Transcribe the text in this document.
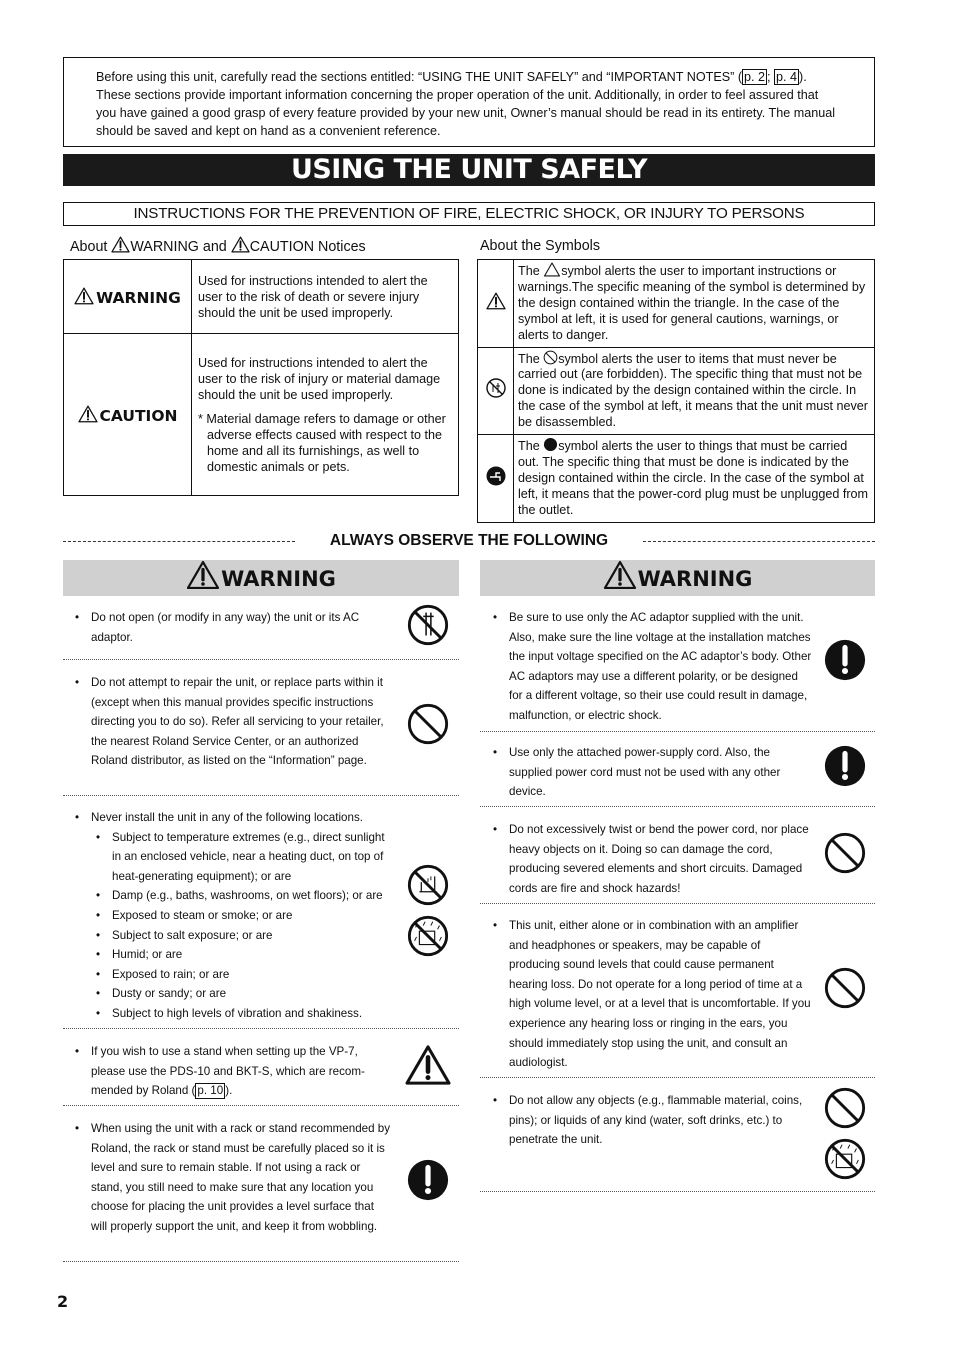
Before using this unit, carefully read the sections entitled: “USING THE UNIT SAFELY” and “IMPORTANT NOTES” ( p. 2 ; p. 4 ). These sections provide important information concerning the proper operation of the unit. Additionally, in order to feel assured that you have gained a good grasp of every feature provided by your new unit, Owner’s manual should be read in its entirety. The manual should be saved and kept on hand as a convenient reference.
USING THE UNIT SAFELY
INSTRUCTIONS FOR THE PREVENTION OF FIRE, ELECTRIC SHOCK, OR INJURY TO PERSONS
About WARNING and CAUTION Notices
WARNING	Used for instructions intended to alert the user to the risk of death or severe injury should the unit be used improperly.
CAUTION	Used for instructions intended to alert the user to the risk of injury or material damage should the unit be used improperly.
* Material damage refers to damage or other adverse effects caused with respect to the home and all its furnishings, as well to domestic animals or pets.
About the Symbols
	The symbol alerts the user to important instructions or warnings.The specific meaning of the symbol is determined by the design contained within the triangle. In the case of the symbol at left, it is used for general cautions, warnings, or alerts to danger.
	The symbol alerts the user to items that must never be carried out (are forbidden). The specific thing that must not be done is indicated by the design contained within the circle. In the case of the symbol at left, it means that the unit must never be disassembled.
	The symbol alerts the user to things that must be carried out. The specific thing that must be done is indicated by the design contained within the circle. In the case of the symbol at left, it means that the power-cord plug must be unplugged from the outlet.
ALWAYS OBSERVE THE FOLLOWING
WARNING	WARNING
• Do not open (or modify in any way) the unit or its AC adaptor.
• Do not attempt to repair the unit, or replace parts within it (except when this manual provides specific instructions directing you to do so). Refer all servicing to your retailer, the nearest Roland Service Center, or an authorized Roland distributor, as listed on the “Information” page.
• Never install the unit in any of the following locations.
• Subject to temperature extremes (e.g., direct sunlight in an enclosed vehicle, near a heating duct, on top of heat-generating equipment); or are
• Damp (e.g., baths, washrooms, on wet floors); or are
• Exposed to steam or smoke; or are
• Subject to salt exposure; or are
• Humid; or are
• Exposed to rain; or are
• Dusty or sandy; or are
• Subject to high levels of vibration and shakiness.
• If you wish to use a stand when setting up the VP-7, please use the PDS-10 and BKT-S, which are recom-mended by Roland ( p. 10 ).
• When using the unit with a rack or stand recommended by Roland, the rack or stand must be carefully placed so it is level and sure to remain stable. If not using a rack or stand, you still need to make sure that any location you choose for placing the unit provides a level surface that will properly support the unit, and keep it from wobbling.
• Be sure to use only the AC adaptor supplied with the unit. Also, make sure the line voltage at the installation matches the input voltage specified on the AC adaptor’s body. Other AC adaptors may use a different polarity, or be designed for a different voltage, so their use could result in damage, malfunction, or electric shock.
• Use only the attached power-supply cord. Also, the supplied power cord must not be used with any other device.
• Do not excessively twist or bend the power cord, nor place heavy objects on it. Doing so can damage the cord, producing severed elements and short circuits. Damaged cords are fire and shock hazards!
• This unit, either alone or in combination with an amplifier and headphones or speakers, may be capable of producing sound levels that could cause permanent hearing loss. Do not operate for a long period of time at a high volume level, or at a level that is uncomfortable. If you experience any hearing loss or ringing in the ears, you should immediately stop using the unit, and consult an audiologist.
• Do not allow any objects (e.g., flammable material, coins, pins); or liquids of any kind (water, soft drinks, etc.) to penetrate the unit.
2
